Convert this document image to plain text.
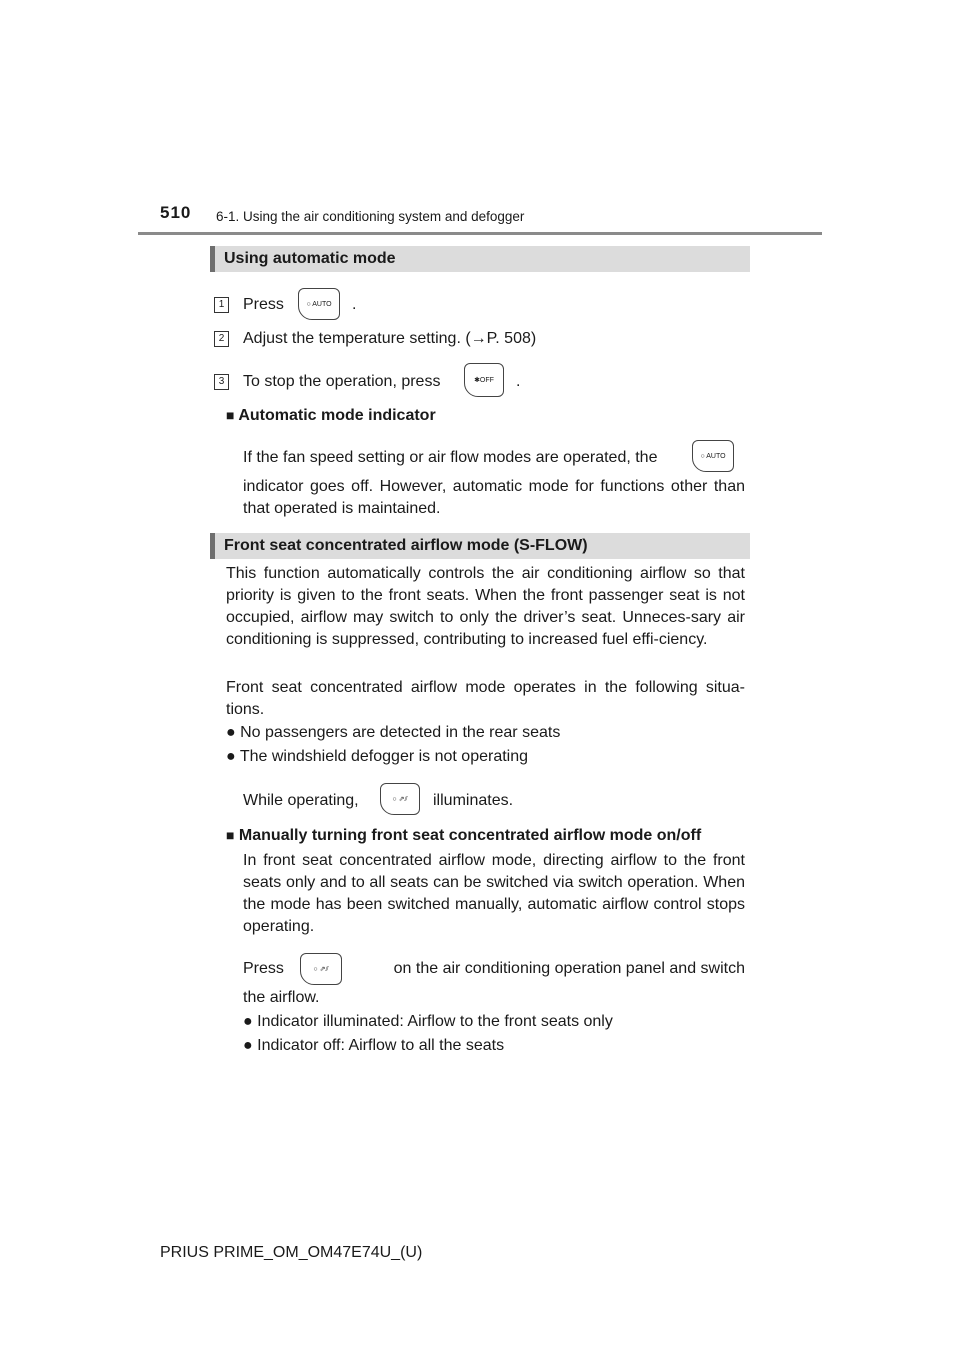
510 6-1. Using the air conditioning system and defogger
Using automatic mode
1 Press	○ AUTO	.
2 Adjust the temperature setting. (→P. 508)
3 To stop the operation, press	✱OFF	.
■ Automatic mode indicator
If the fan speed setting or air flow modes are operated, the	○ AUTO
indicator goes off. However, automatic mode for functions other than that operated is maintained.
Front seat concentrated airflow mode (S-FLOW)
This function automatically controls the air conditioning airflow so that priority is given to the front seats. When the front passenger seat is not occupied, airflow may switch to only the driver’s seat. Unneces-sary air conditioning is suppressed, contributing to increased fuel effi-ciency.
Front seat concentrated airflow mode operates in the following situa-tions.
● No passengers are detected in the rear seats
● The windshield defogger is not operating
While operating,	○ ⇗⫽	illuminates.
■ Manually turning front seat concentrated airflow mode on/off
In front seat concentrated airflow mode, directing airflow to the front seats only and to all seats can be switched via switch operation. When the mode has been switched manually, automatic airflow control stops operating.
Press	○ ⇗⫽	on the air conditioning operation panel and switch
the airflow.
● Indicator illuminated: Airflow to the front seats only
● Indicator off: Airflow to all the seats
PRIUS PRIME_OM_OM47E74U_(U)
